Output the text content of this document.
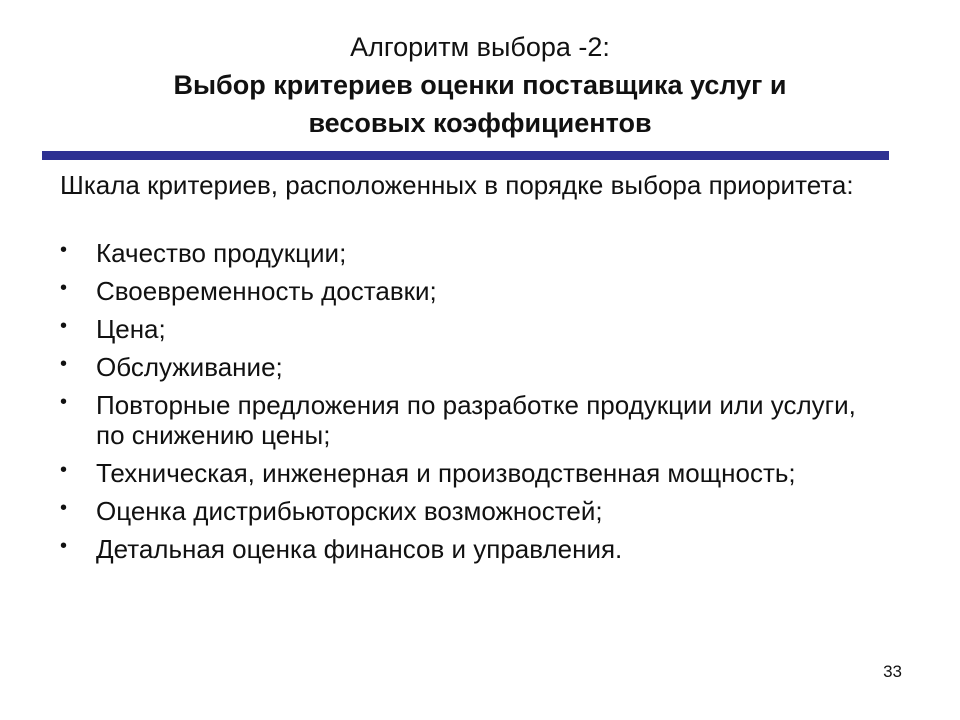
Алгоритм выбора -2:
Выбор критериев оценки поставщика услуг и
весовых коэффициентов

Шкала критериев, расположенных в порядке выбора приоритета:

• Качество продукции;
• Своевременность доставки;
• Цена;
• Обслуживание;
• Повторные предложения по разработке продукции или услуги, по снижению цены;
• Техническая, инженерная и производственная мощность;
• Оценка дистрибьюторских возможностей;
• Детальная оценка финансов и управления.
33
